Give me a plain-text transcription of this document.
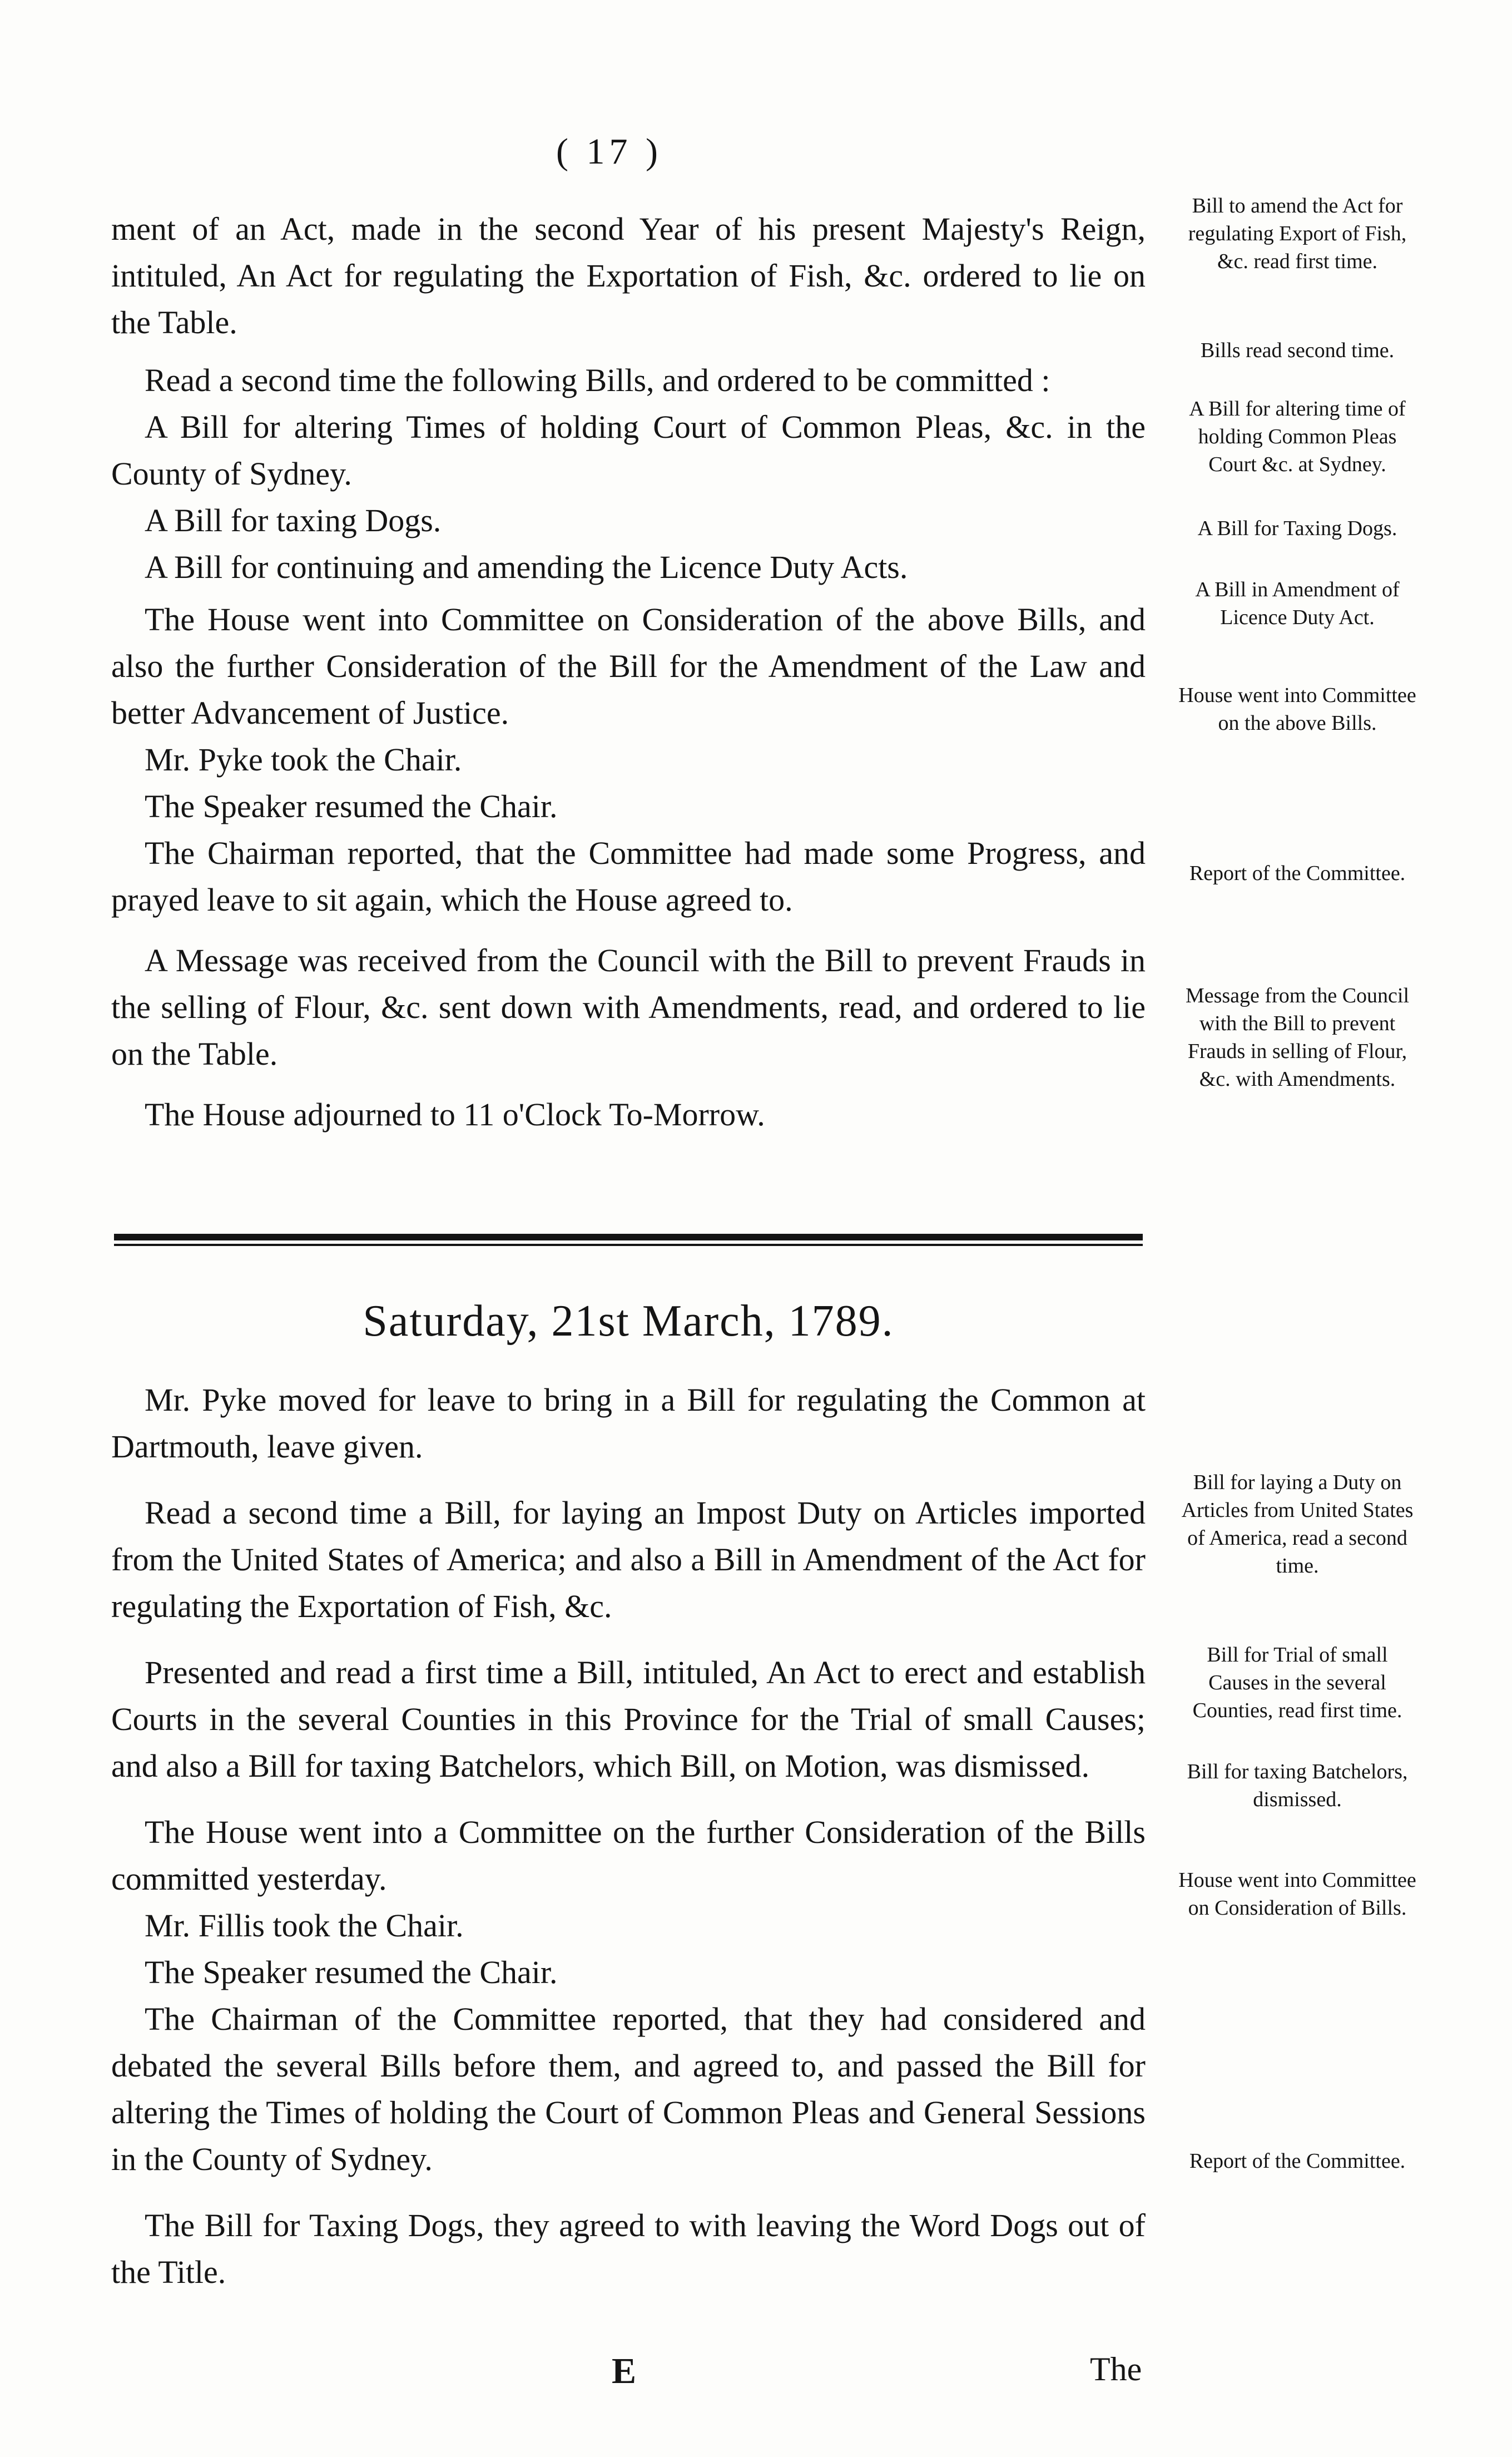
( 17 )
ment of an Act, made in the second Year of his present Majesty's Reign, intituled, An Act for regulating the Exportation of Fish, &c. ordered to lie on the Table.
Read a second time the following Bills, and ordered to be committed :
A Bill for altering Times of holding Court of Common Pleas, &c. in the County of Sydney.
A Bill for taxing Dogs.
A Bill for continuing and amending the Licence Duty Acts.
The House went into Committee on Consideration of the above Bills, and also the further Consideration of the Bill for the Amendment of the Law and better Advancement of Justice.
Mr. Pyke took the Chair.
The Speaker resumed the Chair.
The Chairman reported, that the Committee had made some Progress, and prayed leave to sit again, which the House agreed to.
A Message was received from the Council with the Bill to prevent Frauds in the selling of Flour, &c. sent down with Amendments, read, and ordered to lie on the Table.
The House adjourned to 11 o'Clock To-Morrow.
Bill to amend the Act for regulating Export of Fish, &c. read first time.
Bills read second time.
A Bill for altering time of holding Common Pleas Court &c. at Sydney.
A Bill for Taxing Dogs.
A Bill in Amendment of Licence Duty Act.
House went into Committee on the above Bills.
Report of the Committee.
Message from the Council with the Bill to prevent Frauds in selling of Flour, &c. with Amendments.
Saturday, 21st March, 1789.
Mr. Pyke moved for leave to bring in a Bill for regulating the Common at Dartmouth, leave given.
Read a second time a Bill, for laying an Impost Duty on Articles imported from the United States of America; and also a Bill in Amendment of the Act for regulating the Exportation of Fish, &c.
Presented and read a first time a Bill, intituled, An Act to erect and establish Courts in the several Counties in this Province for the Trial of small Causes; and also a Bill for taxing Batchelors, which Bill, on Motion, was dismissed.
The House went into a Committee on the further Consideration of the Bills committed yesterday.
Mr. Fillis took the Chair.
The Speaker resumed the Chair.
The Chairman of the Committee reported, that they had considered and debated the several Bills before them, and agreed to, and passed the Bill for altering the Times of holding the Court of Common Pleas and General Sessions in the County of Sydney.
The Bill for Taxing Dogs, they agreed to with leaving the Word Dogs out of the Title.
Bill for laying a Duty on Articles from United States of America, read a second time.
Bill for Trial of small Causes in the several Counties, read first time.
Bill for taxing Batchelors, dismissed.
House went into Committee on Consideration of Bills.
Report of the Committee.
E	The
